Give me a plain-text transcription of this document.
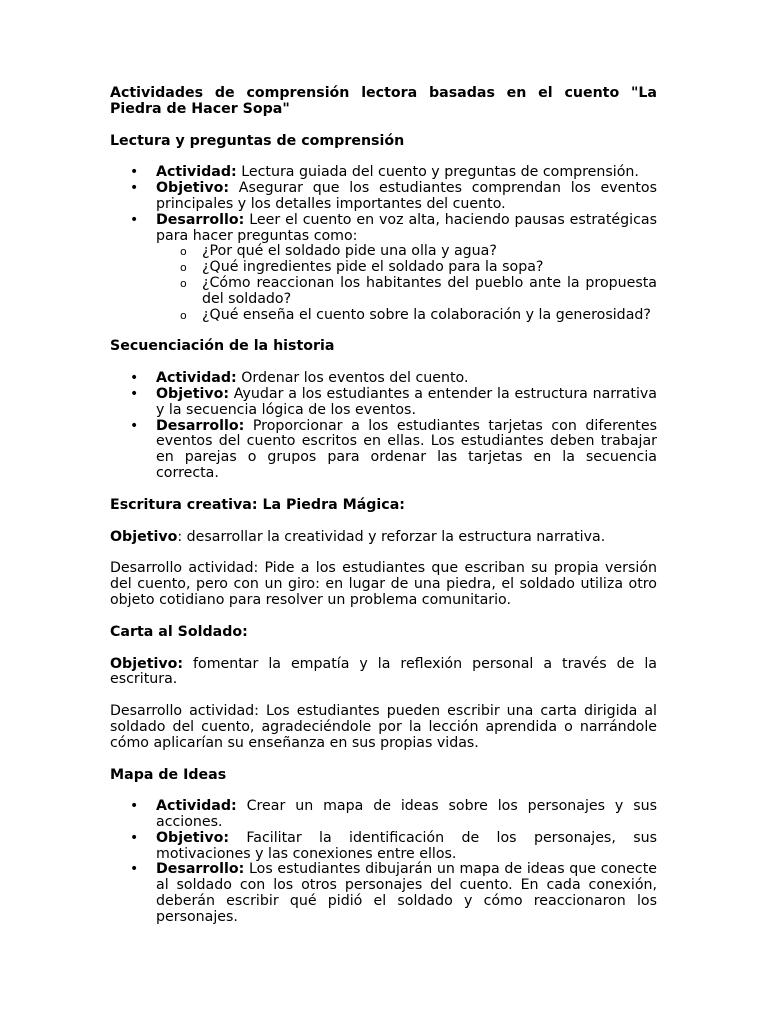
Actividades de comprensión lectora basadas en el cuento "La Piedra de Hacer Sopa"
Lectura y preguntas de comprensión
• Actividad: Lectura guiada del cuento y preguntas de comprensión.
• Objetivo: Asegurar que los estudiantes comprendan los eventos principales y los detalles importantes del cuento.
• Desarrollo: Leer el cuento en voz alta, haciendo pausas estratégicas para hacer preguntas como:
o ¿Por qué el soldado pide una olla y agua?
o ¿Qué ingredientes pide el soldado para la sopa?
o ¿Cómo reaccionan los habitantes del pueblo ante la propuesta del soldado?
o ¿Qué enseña el cuento sobre la colaboración y la generosidad?
Secuenciación de la historia
• Actividad: Ordenar los eventos del cuento.
• Objetivo: Ayudar a los estudiantes a entender la estructura narrativa y la secuencia lógica de los eventos.
• Desarrollo: Proporcionar a los estudiantes tarjetas con diferentes eventos del cuento escritos en ellas. Los estudiantes deben trabajar en parejas o grupos para ordenar las tarjetas en la secuencia correcta.
Escritura creativa: La Piedra Mágica:

Objetivo: desarrollar la creatividad y reforzar la estructura narrativa.

Desarrollo actividad: Pide a los estudiantes que escriban su propia versión del cuento, pero con un giro: en lugar de una piedra, el soldado utiliza otro objeto cotidiano para resolver un problema comunitario.

Carta al Soldado:

Objetivo: fomentar la empatía y la reflexión personal a través de la escritura.

Desarrollo actividad: Los estudiantes pueden escribir una carta dirigida al soldado del cuento, agradeciéndole por la lección aprendida o narrándole cómo aplicarían su enseñanza en sus propias vidas.

Mapa de Ideas
• Actividad: Crear un mapa de ideas sobre los personajes y sus acciones.
• Objetivo: Facilitar la identificación de los personajes, sus motivaciones y las conexiones entre ellos.
• Desarrollo: Los estudiantes dibujarán un mapa de ideas que conecte al soldado con los otros personajes del cuento. En cada conexión, deberán escribir qué pidió el soldado y cómo reaccionaron los personajes.
